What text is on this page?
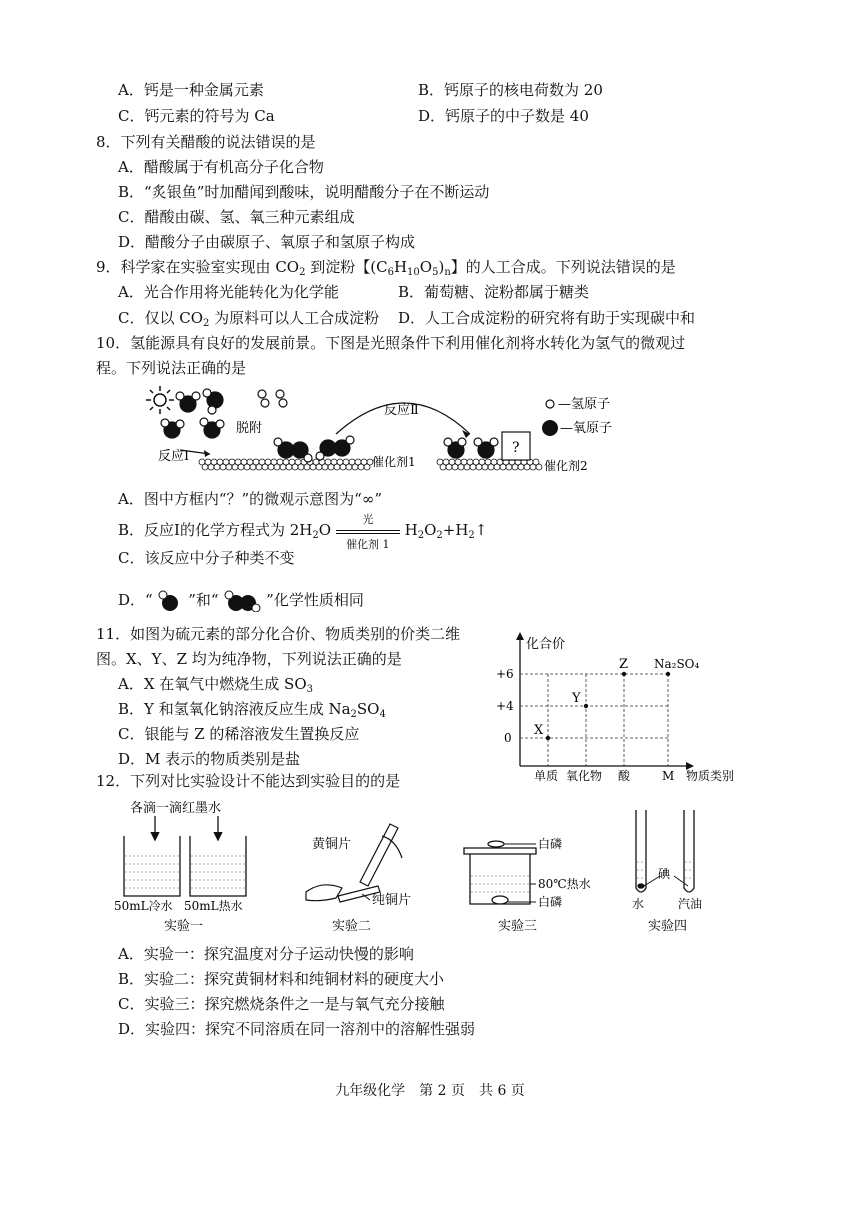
A．钙是一种金属元素	B．钙原子的核电荷数为 20
C．钙元素的符号为 Ca	D．钙原子的中子数是 40
8．下列有关醋酸的说法错误的是
A．醋酸属于有机高分子化合物
B．“炙银鱼”时加醋闻到酸味，说明醋酸分子在不断运动
C．醋酸由碳、氢、氧三种元素组成
D．醋酸分子由碳原子、氧原子和氢原子构成
9．科学家在实验室实现由 $CO_2$ 到淀粉【$(C_6H_{10}O_5)_n$】的人工合成。下列说法错误的是
A．光合作用将光能转化为化学能	B．葡萄糖、淀粉都属于糖类
C．仅以 $CO_2$ 为原料可以人工合成淀粉 D．人工合成淀粉的研究将有助于实现碳中和
10．氢能源具有良好的发展前景。下图是光照条件下利用催化剂将水转化为氢气的微观过
程。下列说法正确的是
脱附
反应Ⅰ	催化剂1
反应Ⅱ
?
催化剂2
—氢原子
—氧原子
A．图中方框内“？”的微观示意图为“∞”
B．反应Ⅰ的化学方程式为 $2H_2O$
光
催化剂 1
$H_2O_2+H_2↑$
C．该反应中分子种类不变
D．“ ”和“	”化学性质相同
11．如图为硫元素的部分化合价、物质类别的价类二维
图。X、Y、Z 均为纯净物，下列说法正确的是
A．X 在氧气中燃烧生成 $SO_3$
B．Y 和氢氧化钠溶液反应生成 $Na_2SO_4$
C．银能与 Z 的稀溶液发生置换反应
D．M 表示的物质类别是盐
化合价
物质类别
+6
+4
0
单质 氧化物 酸	M
X
Y
Z Na₂SO₄
12．下列对比实验设计不能达到实验目的的是
各滴一滴红墨水
50mL冷水 50mL热水
实验一
黄铜片
纯铜片
实验二
白磷
80℃热水
白磷
实验三
碘
水	汽油
实验四
A．实验一：探究温度对分子运动快慢的影响
B．实验二：探究黄铜材料和纯铜材料的硬度大小
C．实验三：探究燃烧条件之一是与氧气充分接触
D．实验四：探究不同溶质在同一溶剂中的溶解性强弱
九年级化学　第 2 页　共 6 页
